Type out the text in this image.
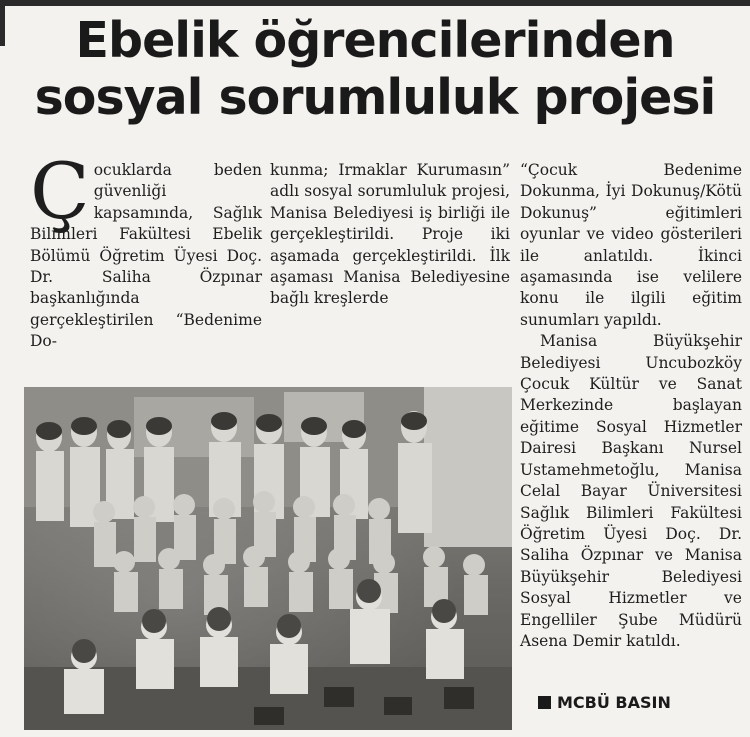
Ebelik öğrencilerinden
sosyal sorumluluk projesi

Ç ocuklarda beden güvenliği kapsamında, Sağlık Bilimleri Fakültesi Ebelik Bölümü Öğretim Üyesi Doç. Dr. Saliha Özpınar başkanlığında gerçekleştirilen “Bedenime Do-

kunma; Irmaklar Kurumasın” adlı sosyal sorumluluk projesi, Manisa Belediyesi iş birliği ile gerçekleştirildi. Proje iki aşamada gerçekleştirildi. İlk aşaması Manisa Belediyesine bağlı kreşlerde

“Çocuk Bedenime Dokunma, İyi Dokunuş/Kötü Dokunuş” eğitimleri oyunlar ve video gösterileri ile anlatıldı. İkinci aşamasında ise velilere konu ile ilgili eğitim sunumları yapıldı.

Manisa Büyükşehir Belediyesi Uncubozköy Çocuk Kültür ve Sanat Merkezinde başlayan eğitime Sosyal Hizmetler Dairesi Başkanı Nursel Ustamehmetoğlu, Manisa Celal Bayar Üniversitesi Sağlık Bilimleri Fakültesi Öğretim Üyesi Doç. Dr. Saliha Özpınar ve Manisa Büyükşehir Belediyesi Sosyal Hizmetler ve Engelliler Şube Müdürü Asena Demir katıldı.

MCBÜ BASIN
